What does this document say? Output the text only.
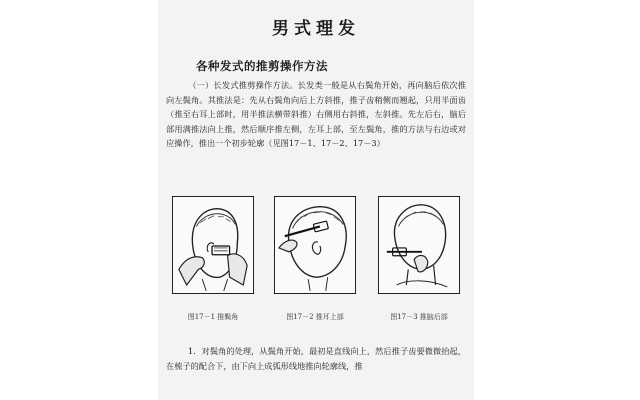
男式理发
各种发式的推剪操作方法
（一）长发式推剪操作方法。长发类一般是从右鬓角开始，再向脑后依次推向左鬓角。其推法是：先从右鬓角向后上方斜推，推子齿稍侧而翘起，只用半面齿（推至右耳上部时，用半推法横带斜推）右侧用右斜推，左斜推。先左后右，脑后部用满推法向上推，然后顺序推左侧，左耳上部，至左鬓角，推的方法与右边或对应操作，推出一个初步轮廓（见图17－1、17－2、17－3）
图17－1 推鬓角	图17－2 推耳上部	图17－3 推脑后部
1．对鬓角的处理，从鬓角开始，最初是直线向上，然后推子齿要微微抬起，在梳子的配合下，由下向上成弧形线地推向轮廓线，推
